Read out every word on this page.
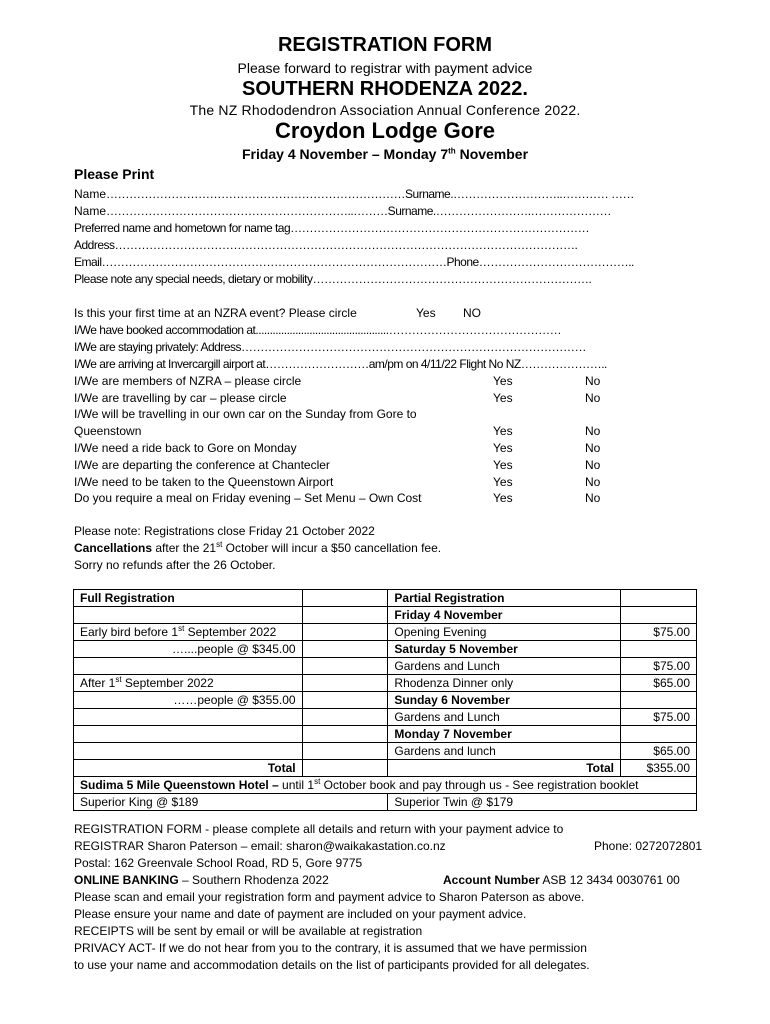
REGISTRATION FORM
Please forward to registrar with payment advice
SOUTHERN RHODENZA 2022.
The NZ Rhododendron Association Annual Conference 2022.
Croydon Lodge Gore
Friday 4 November – Monday 7th November
Please Print
Name……………………………………………………………………Surname.………………………..………… ……
Name………………………………………………………..………Surname.…………………….…………………
Preferred name and hometown for name tag……………………………………………………………………
Address………………………………………………………………………………………………………….
Email………………………………………………………………………………Phone…………………………………..
Please note any special needs, dietary or mobility……………………………………………………………….
Is this your first time at an NZRA event? Please circle	Yes NO
I/We have booked accommodation at...............................................………………………………………
I/We are staying privately: Address………………………………………………………………………………
I/We are arriving at Invercargill airport at………………………am/pm on 4/11/22 Flight No NZ…………………..
I/We are members of NZRA – please circle	Yes	No
I/We are travelling by car – please circle	Yes	No
I/We will be travelling in our own car on the Sunday from Gore to
Queenstown	Yes	No
I/We need a ride back to Gore on Monday	Yes	No
I/We are departing the conference at Chantecler	Yes	No
I/We need to be taken to the Queenstown Airport	Yes	No
Do you require a meal on Friday evening – Set Menu – Own Cost	Yes	No
Please note: Registrations close Friday 21 October 2022
Cancellations after the 21st October will incur a $50 cancellation fee.
Sorry no refunds after the 26 October.
Full Registration		Partial Registration	
		Friday 4 November	
Early bird before 1st September 2022		Opening Evening	$75.00
…....people @ $345.00		Saturday 5 November	
		Gardens and Lunch	$75.00
After 1st September 2022		Rhodenza Dinner only	$65.00
……people @ $355.00		Sunday 6 November	
		Gardens and Lunch	$75.00
		Monday 7 November	
		Gardens and lunch	$65.00
Total		Total	$355.00
Sudima 5 Mile Queenstown Hotel – until 1st October book and pay through us - See registration booklet			
Superior King @ $189		Superior Twin @ $179	
REGISTRATION FORM - please complete all details and return with your payment advice to
REGISTRAR Sharon Paterson – email: sharon@waikakastation.co.nz	Phone: 0272072801
Postal: 162 Greenvale School Road, RD 5, Gore 9775
ONLINE BANKING – Southern Rhodenza 2022	Account Number ASB 12 3434 0030761 00
Please scan and email your registration form and payment advice to Sharon Paterson as above.
Please ensure your name and date of payment are included on your payment advice.
RECEIPTS will be sent by email or will be available at registration
PRIVACY ACT- If we do not hear from you to the contrary, it is assumed that we have permission
to use your name and accommodation details on the list of participants provided for all delegates.
